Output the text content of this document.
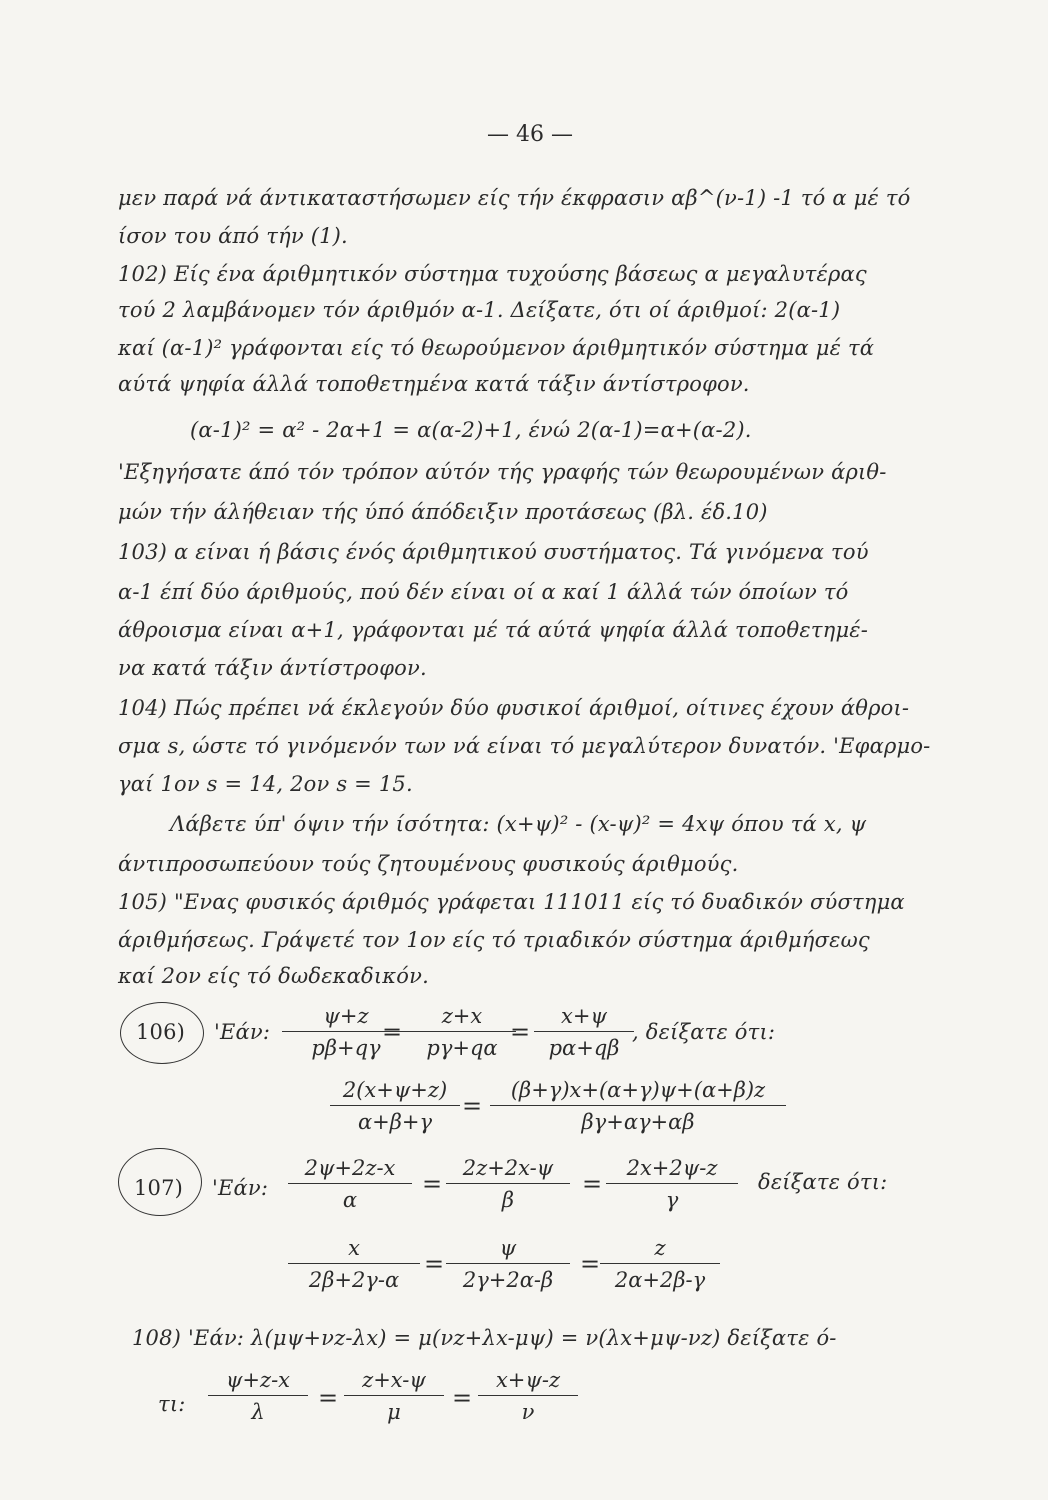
— 46 —
μεν παρά νά άντικαταστήσωμεν είς τήν έκφρασιν αβ^(ν-1) -1 τό α μέ τό
ίσον του άπό τήν (1).
102) Είς ένα άριθμητικόν σύστημα τυχούσης βάσεως α μεγαλυτέρας
τού 2 λαμβάνομεν τόν άριθμόν α-1. Δείξατε, ότι οί άριθμοί: 2(α-1)
καί (α-1)² γράφονται είς τό θεωρούμενον άριθμητικόν σύστημα μέ τά
αύτά ψηφία άλλά τοποθετημένα κατά τάξιν άντίστροφον.
(α-1)² = α² - 2α+1 = α(α-2)+1, ένώ 2(α-1)=α+(α-2).
'Εξηγήσατε άπό τόν τρόπον αύτόν τής γραφής τών θεωρουμένων άριθ-
μών τήν άλήθειαν τής ύπό άπόδειξιν προτάσεως (βλ. έδ.10)
103) α είναι ή βάσις ένός άριθμητικού συστήματος. Τά γινόμενα τού
α-1 έπί δύο άριθμούς, πού δέν είναι οί α καί 1 άλλά τών όποίων τό
άθροισμα είναι α+1, γράφονται μέ τά αύτά ψηφία άλλά τοποθετημέ-
να κατά τάξιν άντίστροφον.
104) Πώς πρέπει νά έκλεγούν δύο φυσικοί άριθμοί, οίτινες έχουν άθροι-
σμα s, ώστε τό γινόμενόν των νά είναι τό μεγαλύτερον δυνατόν. 'Εφαρμο-
γαί 1ον s = 14, 2ον s = 15.
Λάβετε ύπ' όψιν τήν ίσότητα: (x+ψ)² - (x-ψ)² = 4xψ όπου τά x, ψ
άντιπροσωπεύουν τούς ζητουμένους φυσικούς άριθμούς.
105) "Ενας φυσικός άριθμός γράφεται 111011 είς τό δυαδικόν σύστημα
άριθμήσεως. Γράψετέ τον 1ον είς τό τριαδικόν σύστημα άριθμήσεως
καί 2ον είς τό δωδεκαδικόν.
106) 'Εάν:
ψ+z
pβ+qγ
=
z+x
pγ+qα
=
x+ψ
pα+qβ
, δείξατε ότι:
2(x+ψ+z)
α+β+γ
=
(β+γ)x+(α+γ)ψ+(α+β)z
βγ+αγ+αβ
107) 'Εάν:
2ψ+2z-x
α
=
2z+2x-ψ
β
=
2x+2ψ-z
γ
δείξατε ότι:
x
2β+2γ-α
=
ψ
2γ+2α-β
=
z
2α+2β-γ
108) 'Εάν: λ(μψ+νz-λx) = μ(νz+λx-μψ) = ν(λx+μψ-νz) δείξατε ό-
τι:
ψ+z-x
λ =
z+x-ψ
μ =
x+ψ-z
ν
